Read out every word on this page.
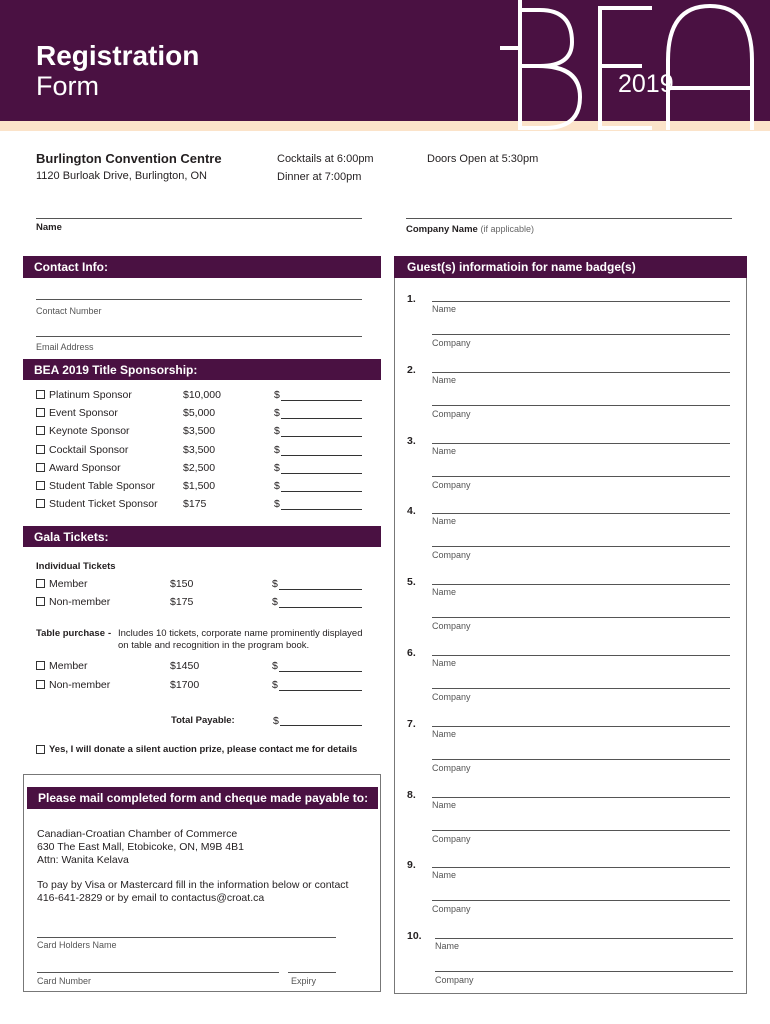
Registration
Form	2019
Burlington Convention Centre
1120 Burloak Drive, Burlington, ON
Cocktails at 6:00pm
Dinner at 7:00pm
Doors Open at 5:30pm
Name	Company Name (if applicable)
Contact Info:
Contact Number
Email Address
BEA 2019 Title Sponsorship:
Platinum Sponsor	$10,000	$
Event Sponsor	$5,000	$
Keynote Sponsor	$3,500	$
Cocktail Sponsor	$3,500	$
Award Sponsor	$2,500	$
Student Table Sponsor	$1,500	$
Student Ticket Sponsor $175	$
Gala Tickets:
Individual Tickets
Member	$150	$
Non-member	$175	$
Table purchase - Includes 10 tickets, corporate name prominently displayed
on table and recognition in the program book.
Member	$1450	$
Non-member	$1700	$
Total Payable:	$
Yes, I will donate a silent auction prize, please contact me for details
Please mail completed form and cheque made payable to:
Canadian-Croatian Chamber of Commerce
630 The East Mall, Etobicoke, ON, M9B 4B1
Attn: Wanita Kelava
To pay by Visa or Mastercard fill in the information below or contact
416-641-2829 or by email to contactus@croat.ca
Card Holders Name
Card Number	Expiry
Guest(s) informatioin for name badge(s)
1.
Name
Company
2.
Name
Company
3.
Name
Company
4.
Name
Company
5.
Name
Company
6.
Name
Company
7.
Name
Company
8.
Name
Company
9.
Name
Company
10.
Name
Company
